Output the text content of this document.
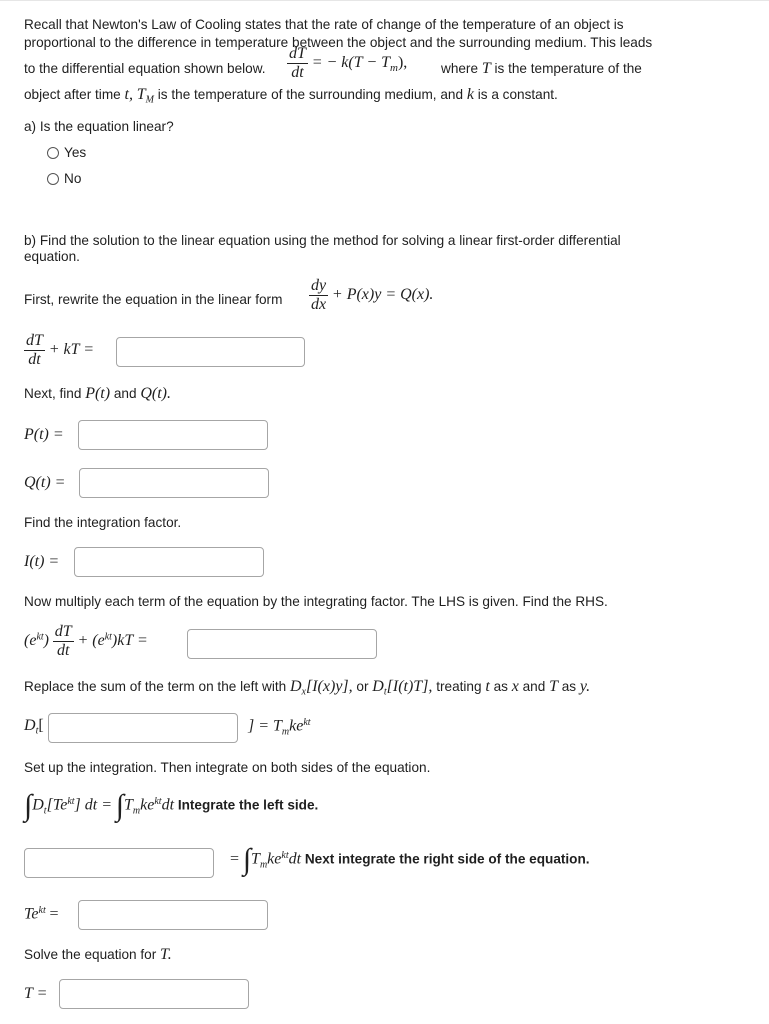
Recall that Newton's Law of Cooling states that the rate of change of the temperature of an object is
proportional to the difference in temperature between the object and the surrounding medium. This leads
to the differential equation shown below. $\frac{dT}{dt}$ = − $k(T - T_m)$, where T is the temperature of the
object after time t, $T_M$ is the temperature of the surrounding medium, and k is a constant.
a) Is the equation linear?
Yes
No
b) Find the solution to the linear equation using the method for solving a linear first-order differential
equation.
First, rewrite the equation in the linear form $\frac{dy}{dx} + P(x)y = Q(x)$.
$\frac{dT}{dt}$ + kT =
Next, find P(t) and Q(t).
P(t) =
Q(t) =
Find the integration factor.
I(t) =
Now multiply each term of the equation by the integrating factor. The LHS is given. Find the RHS.
$(e^{kt}) \frac{dT}{dt} + (e^{kt})kT$ =
Replace the sum of the term on the left with $D_x[I(x)y]$, or $D_t[I(t)T]$, treating t as x and T as y.
$D_t$[	] = $T_mke^{kt}$
Set up the integration. Then integrate on both sides of the equation.
$\int D_t[Te^{kt}]$ dt = $\int T_mke^{kt}dt$ Integrate the left side.
= $\int T_mke^{kt}dt$ Next integrate the right side of the equation.
$Te^{kt}$ =
Solve the equation for T.
T =
